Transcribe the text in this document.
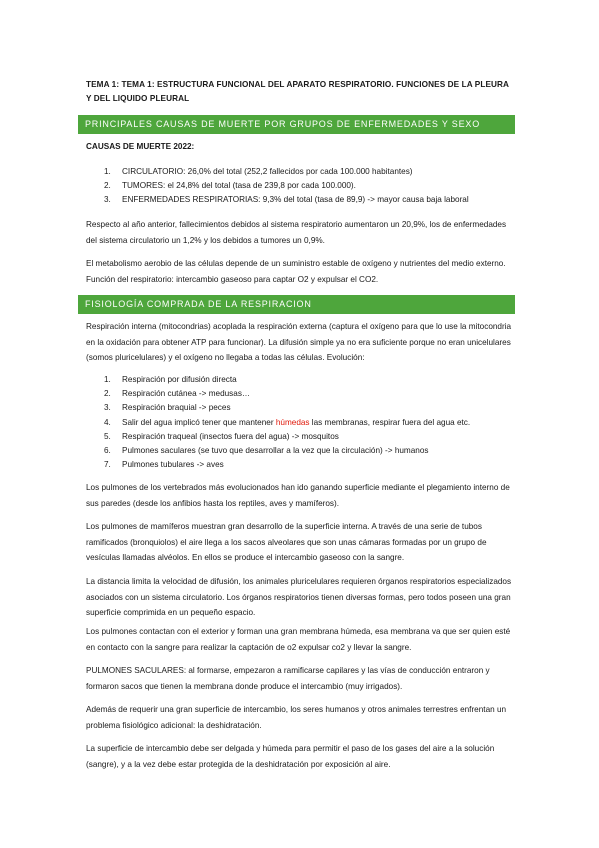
TEMA 1: TEMA 1: ESTRUCTURA FUNCIONAL DEL APARATO RESPIRATORIO. FUNCIONES DE LA PLEURA Y DEL LIQUIDO PLEURAL
PRINCIPALES CAUSAS DE MUERTE POR GRUPOS DE ENFERMEDADES Y SEXO
CAUSAS DE MUERTE 2022:
1. CIRCULATORIO: 26,0% del total (252,2 fallecidos por cada 100.000 habitantes)
2. TUMORES: el 24,8% del total (tasa de 239,8 por cada 100.000).
3. ENFERMEDADES RESPIRATORIAS: 9,3% del total (tasa de 89,9) -> mayor causa baja laboral
Respecto al año anterior, fallecimientos debidos al sistema respiratorio aumentaron un 20,9%, los de enfermedades del sistema circulatorio un 1,2% y los debidos a tumores un 0,9%.
El metabolismo aerobio de las células depende de un suministro estable de oxígeno y nutrientes del medio externo. Función del respiratorio: intercambio gaseoso para captar O2 y expulsar el CO2.
FISIOLOGÍA COMPRADA DE LA RESPIRACION
Respiración interna (mitocondrias) acoplada la respiración externa (captura el oxígeno para que lo use la mitocondria en la oxidación para obtener ATP para funcionar). La difusión simple ya no era suficiente porque no eran unicelulares (somos pluricelulares) y el oxígeno no llegaba a todas las células. Evolución:
1. Respiración por difusión directa
2. Respiración cutánea -> medusas…
3. Respiración braquial -> peces
4. Salir del agua implicó tener que mantener húmedas las membranas, respirar fuera del agua etc.
5. Respiración traqueal (insectos fuera del agua) -> mosquitos
6. Pulmones saculares (se tuvo que desarrollar a la vez que la circulación) -> humanos
7. Pulmones tubulares -> aves
Los pulmones de los vertebrados más evolucionados han ido ganando superficie mediante el plegamiento interno de sus paredes (desde los anfibios hasta los reptiles, aves y mamíferos).
Los pulmones de mamíferos muestran gran desarrollo de la superficie interna. A través de una serie de tubos ramificados (bronquiolos) el aire llega a los sacos alveolares que son unas cámaras formadas por un grupo de vesículas llamadas alvéolos. En ellos se produce el intercambio gaseoso con la sangre.
La distancia limita la velocidad de difusión, los animales pluricelulares requieren órganos respiratorios especializados asociados con un sistema circulatorio. Los órganos respiratorios tienen diversas formas, pero todos poseen una gran superficie comprimida en un pequeño espacio.
Los pulmones contactan con el exterior y forman una gran membrana húmeda, esa membrana va que ser quien esté en contacto con la sangre para realizar la captación de o2 expulsar co2 y llevar la sangre.
PULMONES SACULARES: al formarse, empezaron a ramificarse capilares y las vías de conducción entraron y formaron sacos que tienen la membrana donde produce el intercambio (muy irrigados).
Además de requerir una gran superficie de intercambio, los seres humanos y otros animales terrestres enfrentan un problema fisiológico adicional: la deshidratación.
La superficie de intercambio debe ser delgada y húmeda para permitir el paso de los gases del aire a la solución (sangre), y a la vez debe estar protegida de la deshidratación por exposición al aire.
